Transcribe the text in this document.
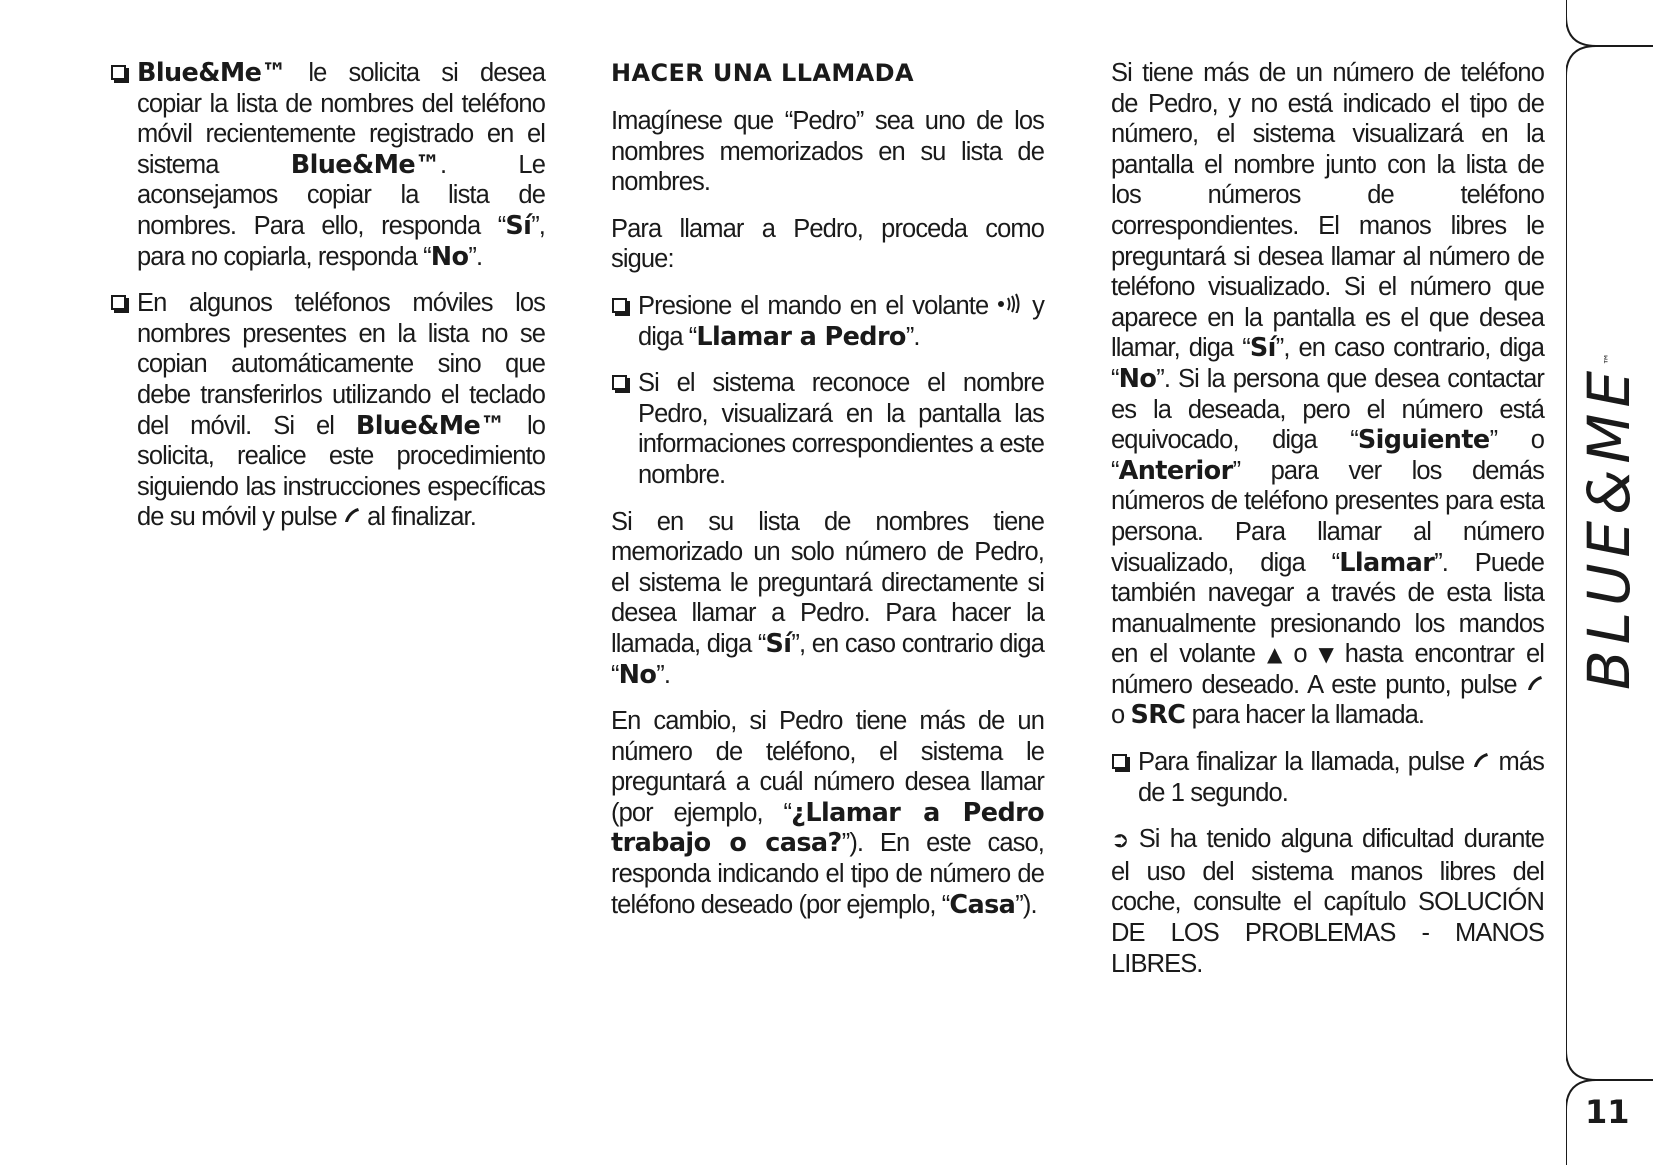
Blue&Me™ le solicita si desea copiar la lista de nombres del teléfono móvil recientemente registrado en el sistema Blue&Me™. Le aconsejamos copiar la lista de nombres. Para ello, responda “Sí”, para no copiarla, responda “No”.
En algunos teléfonos móviles los nombres presentes en la lista no se copian automáticamente sino que debe transferirlos utilizando el teclado del móvil. Si el Blue&Me™ lo solicita, realice este procedimiento siguiendo las instrucciones específicas de su móvil y pulse  al finalizar.
HACER UNA LLAMADA

Imagínese que “Pedro” sea uno de los nombres memorizados en su lista de nombres.

Para llamar a Pedro, proceda como sigue:

Presione el mando en el volante  y diga “Llamar a Pedro”.
Si el sistema reconoce el nombre Pedro, visualizará en la pantalla las informaciones correspondientes a este nombre.

Si en su lista de nombres tiene memorizado un solo número de Pedro, el sistema le preguntará directamente si desea llamar a Pedro. Para hacer la llamada, diga “Sí”, en caso contrario diga “No”.

En cambio, si Pedro tiene más de un número de teléfono, el sistema le preguntará a cuál número desea llamar (por ejemplo, “¿Llamar a Pedro trabajo o casa?”). En este caso, responda indicando el tipo de número de teléfono deseado (por ejemplo, “Casa”).

Si tiene más de un número de teléfono de Pedro, y no está indicado el tipo de número, el sistema visualizará en la pantalla el nombre junto con la lista de los números de teléfono correspondientes. El manos libres le preguntará si desea llamar al número de teléfono visualizado. Si el número que aparece en la pantalla es el que desea llamar, diga “Sí”, en caso contrario, diga “No”. Si la persona que desea contactar es la deseada, pero el número está equivocado, diga “Siguiente” o “Anterior” para ver los demás números de teléfono presentes para esta persona. Para llamar al número visualizado, diga “Llamar”. Puede también navegar a través de esta lista manualmente presionando los mandos en el volante ▲ o ▼ hasta encontrar el número deseado. A este punto, pulse  o SRC para hacer la llamada.

Para finalizar la llamada, pulse  más de 1 segundo.

➲ Si ha tenido alguna dificultad durante el uso del sistema manos libres del coche, consulte el capítulo SOLUCIÓN DE LOS PROBLEMAS - MANOS LIBRES.

BLUE&ME™
11
